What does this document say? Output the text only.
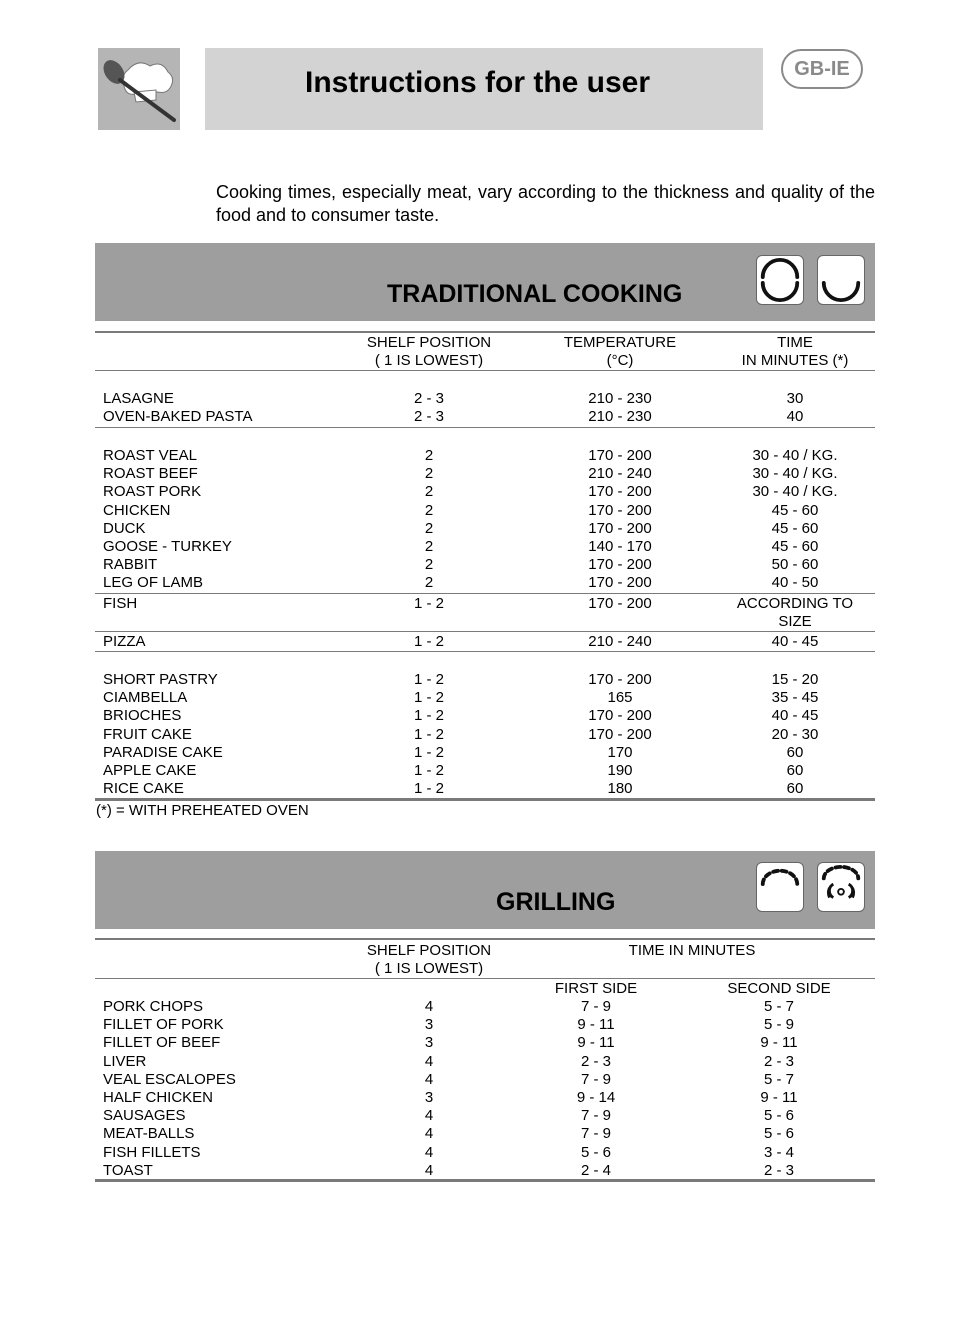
Instructions for the user	GB-IE

Cooking times, especially meat, vary according to the thickness and quality of the food and to consumer taste.

TRADITIONAL COOKING
SHELF POSITION
( 1 IS LOWEST)
TEMPERATURE
(°C)
TIME
IN MINUTES (*)
LASAGNE	2 - 3	210 - 230	30
OVEN-BAKED PASTA	2 - 3	210 - 230	40
ROAST VEAL	2	170 - 200	30 - 40 / KG.
ROAST BEEF	2	210 - 240	30 - 40 / KG.
ROAST PORK	2	170 - 200	30 - 40 / KG.
CHICKEN	2	170 - 200	45 - 60
DUCK	2	170 - 200	45 - 60
GOOSE - TURKEY	2	140 - 170	45 - 60
RABBIT	2	170 - 200	50 - 60
LEG OF LAMB	2	170 - 200	40 - 50
FISH	1 - 2	170 - 200	ACCORDING TO
SIZE
PIZZA	1 - 2	210 - 240	40 - 45
SHORT PASTRY	1 - 2	170 - 200	15 - 20
CIAMBELLA	1 - 2	165	35 - 45
BRIOCHES	1 - 2	170 - 200	40 - 45
FRUIT CAKE	1 - 2	170 - 200	20 - 30
PARADISE CAKE	1 - 2	170	60
APPLE CAKE	1 - 2	190	60
RICE CAKE	1 - 2	180	60
(*) = WITH PREHEATED OVEN
GRILLING
SHELF POSITION
( 1 IS LOWEST)
TIME IN MINUTES
FIRST SIDE	SECOND SIDE
PORK CHOPS	4	7 - 9	5 - 7
FILLET OF PORK	3	9 - 11	5 - 9
FILLET OF BEEF	3	9 - 11	9 - 11
LIVER	4	2 - 3	2 - 3
VEAL ESCALOPES	4	7 - 9	5 - 7
HALF CHICKEN	3	9 - 14	9 - 11
SAUSAGES	4	7 - 9	5 - 6
MEAT-BALLS	4	7 - 9	5 - 6
FISH FILLETS	4	5 - 6	3 - 4
TOAST	4	2 - 4	2 - 3
